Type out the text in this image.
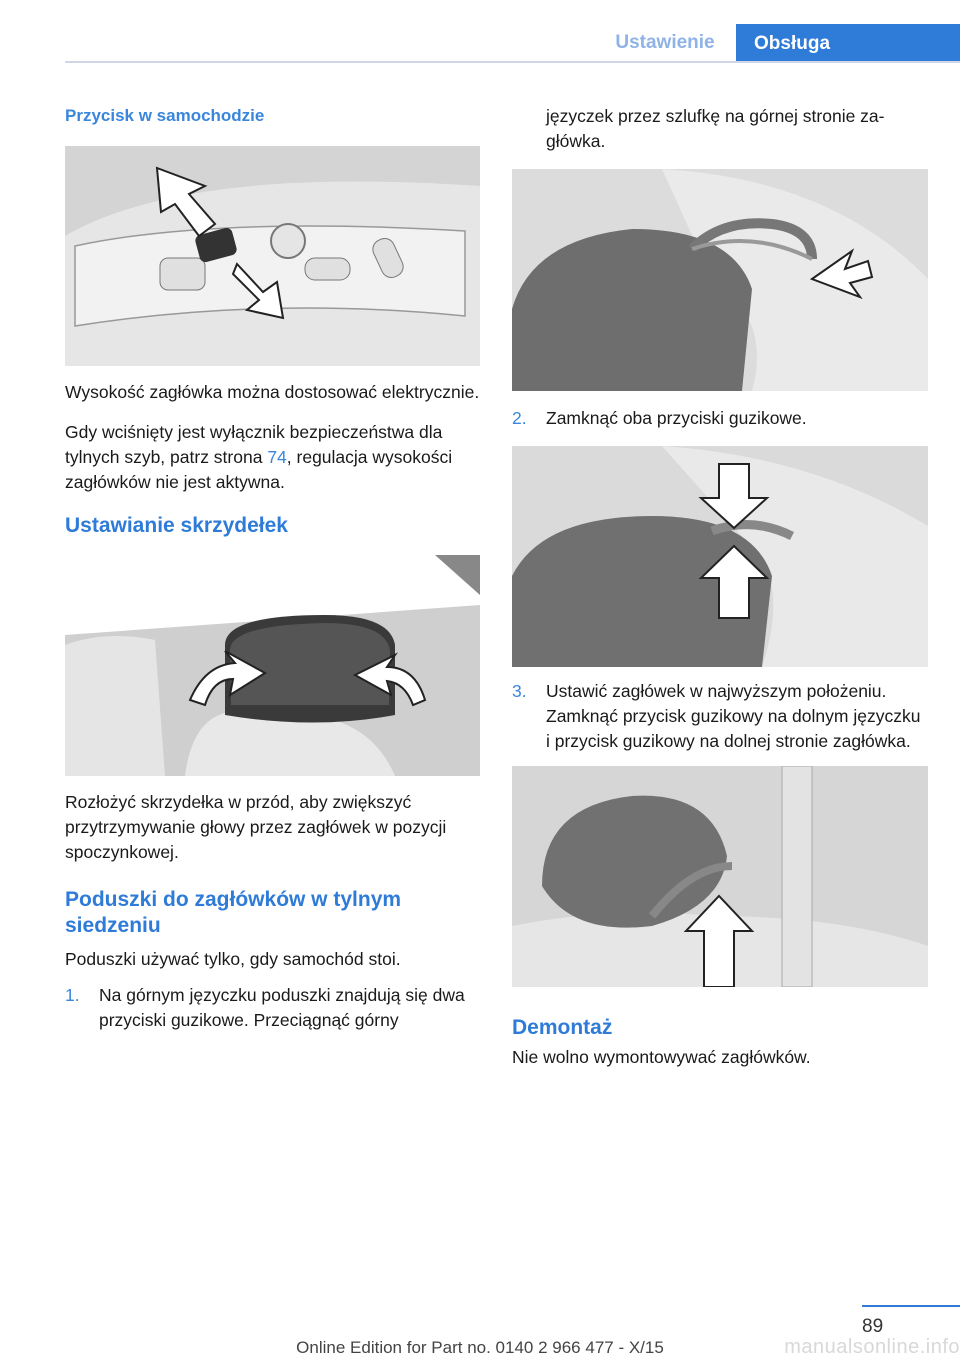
Ustawienie	Obsługa
Przycisk w samochodzie
Wysokość zagłówka można dostosować elektrycznie.
Gdy wciśnięty jest wyłącznik bezpieczeństwa dla tylnych szyb, patrz strona 74, regulacja wysokości zagłówków nie jest aktywna.
Ustawianie skrzydełek
Rozłożyć skrzydełka w przód, aby zwiększyć przytrzymywanie głowy przez zagłówek w pozycji spoczynkowej.
Poduszki do zagłówków w tylnym siedzeniu
Poduszki używać tylko, gdy samochód stoi.
1. Na górnym języczku poduszki znajdują się dwa przyciski guzikowe. Przeciągnąć górny
języczek przez szlufkę na górnej stronie zagłówka.
2. Zamknąć oba przyciski guzikowe.
3. Ustawić zagłówek w najwyższym położeniu. Zamknąć przycisk guzikowy na dolnym języczku i przycisk guzikowy na dolnej stronie zagłówka.
Demontaż
Nie wolno wymontowywać zagłówków.
89
Online Edition for Part no. 0140 2 966 477 - X/15	manualsonline.info
